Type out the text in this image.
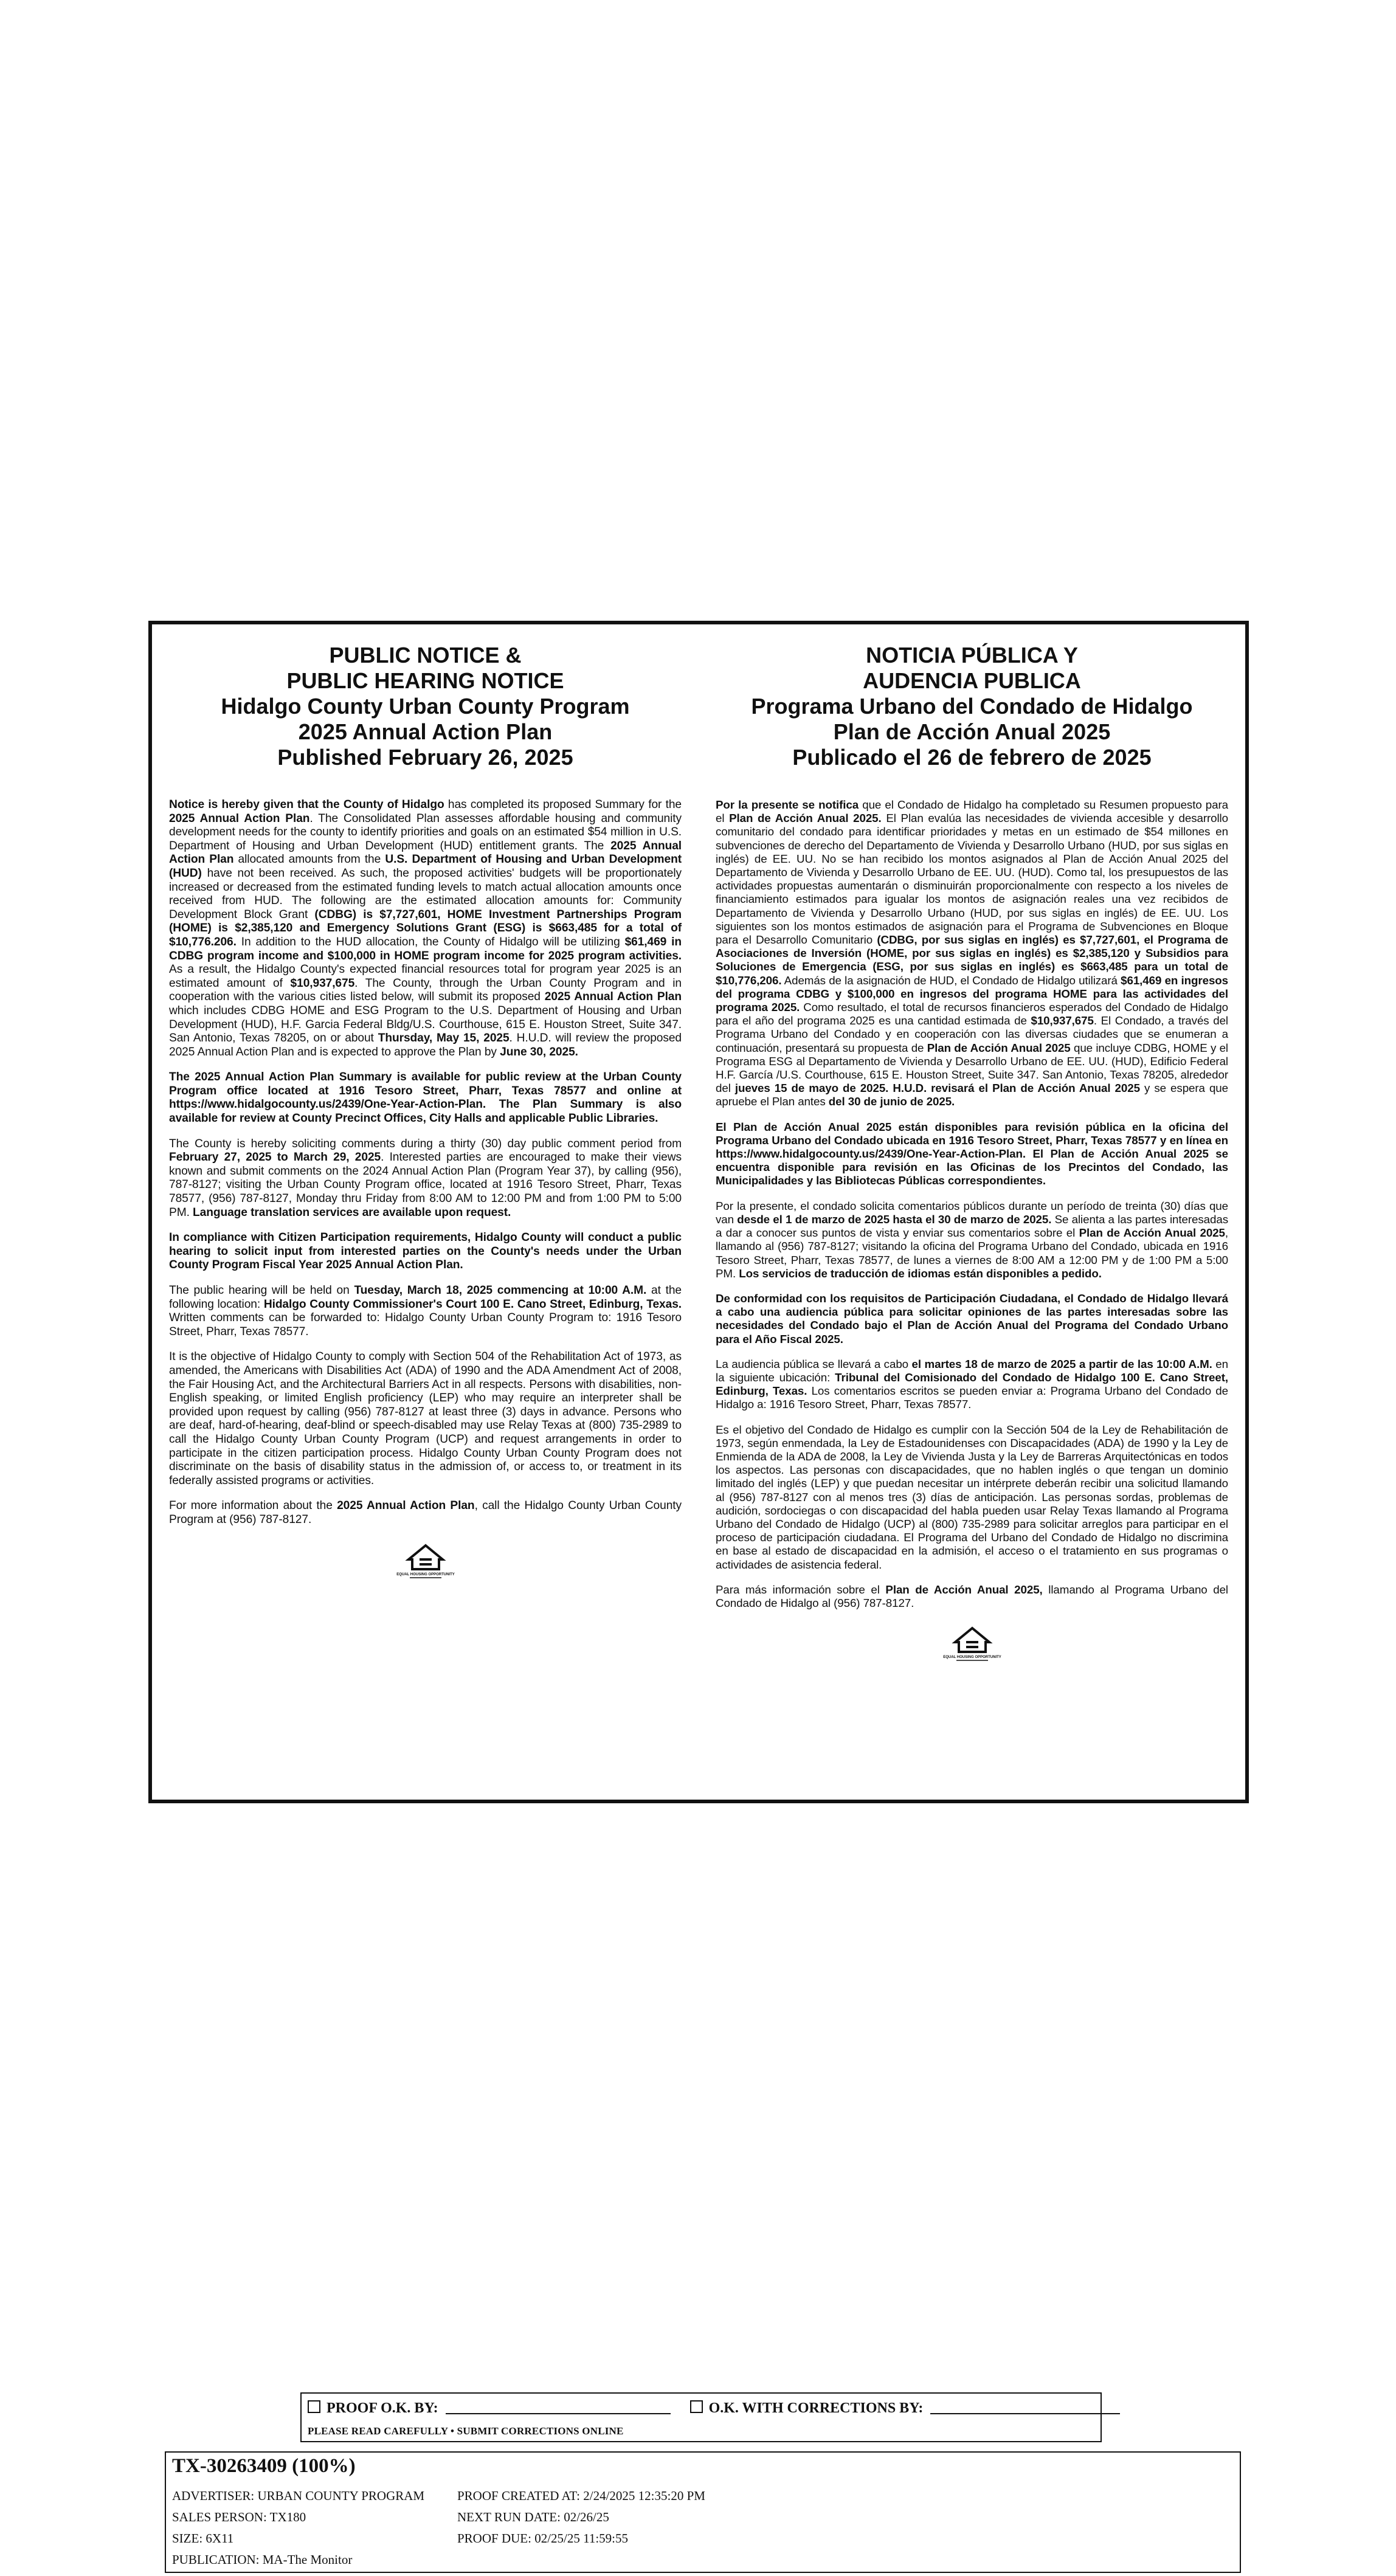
PUBLIC NOTICE &
PUBLIC HEARING NOTICE
Hidalgo County Urban County Program
2025 Annual Action Plan
Published February 26, 2025

Notice is hereby given that the County of Hidalgo has completed its proposed Summary for the 2025 Annual Action Plan. The Consolidated Plan assesses affordable housing and community development needs for the county to identify priorities and goals on an estimated $54 million in U.S. Department of Housing and Urban Development (HUD) entitlement grants. The 2025 Annual Action Plan allocated amounts from the U.S. Department of Housing and Urban Development (HUD) have not been received. As such, the proposed activities' budgets will be proportionately increased or decreased from the estimated funding levels to match actual allocation amounts once received from HUD. The following are the estimated allocation amounts for: Community Development Block Grant (CDBG) is $7,727,601, HOME Investment Partnerships Program (HOME) is $2,385,120 and Emergency Solutions Grant (ESG) is $663,485 for a total of $10,776.206. In addition to the HUD allocation, the County of Hidalgo will be utilizing $61,469 in CDBG program income and $100,000 in HOME program income for 2025 program activities. As a result, the Hidalgo County's expected financial resources total for program year 2025 is an estimated amount of $10,937,675. The County, through the Urban County Program and in cooperation with the various cities listed below, will submit its proposed 2025 Annual Action Plan which includes CDBG HOME and ESG Program to the U.S. Department of Housing and Urban Development (HUD), H.F. Garcia Federal Bldg/U.S. Courthouse, 615 E. Houston Street, Suite 347. San Antonio, Texas 78205, on or about Thursday, May 15, 2025. H.U.D. will review the proposed 2025 Annual Action Plan and is expected to approve the Plan by June 30, 2025.

The 2025 Annual Action Plan Summary is available for public review at the Urban County Program office located at 1916 Tesoro Street, Pharr, Texas 78577 and online at https://www.hidalgocounty.us/2439/One-Year-Action-Plan. The Plan Summary is also available for review at County Precinct Offices, City Halls and applicable Public Libraries.

The County is hereby soliciting comments during a thirty (30) day public comment period from February 27, 2025 to March 29, 2025. Interested parties are encouraged to make their views known and submit comments on the 2024 Annual Action Plan (Program Year 37), by calling (956), 787-8127; visiting the Urban County Program office, located at 1916 Tesoro Street, Pharr, Texas 78577, (956) 787-8127, Monday thru Friday from 8:00 AM to 12:00 PM and from 1:00 PM to 5:00 PM. Language translation services are available upon request.

In compliance with Citizen Participation requirements, Hidalgo County will conduct a public hearing to solicit input from interested parties on the County's needs under the Urban County Program Fiscal Year 2025 Annual Action Plan.

The public hearing will be held on Tuesday, March 18, 2025 commencing at 10:00 A.M. at the following location: Hidalgo County Commissioner's Court 100 E. Cano Street, Edinburg, Texas. Written comments can be forwarded to: Hidalgo County Urban County Program to: 1916 Tesoro Street, Pharr, Texas 78577.

It is the objective of Hidalgo County to comply with Section 504 of the Rehabilitation Act of 1973, as amended, the Americans with Disabilities Act (ADA) of 1990 and the ADA Amendment Act of 2008, the Fair Housing Act, and the Architectural Barriers Act in all respects. Persons with disabilities, non-English speaking, or limited English proficiency (LEP) who may require an interpreter shall be provided upon request by calling (956) 787-8127 at least three (3) days in advance. Persons who are deaf, hard-of-hearing, deaf-blind or speech-disabled may use Relay Texas at (800) 735-2989 to call the Hidalgo County Urban County Program (UCP) and request arrangements in order to participate in the citizen participation process. Hidalgo County Urban County Program does not discriminate on the basis of disability status in the admission of, or access to, or treatment in its federally assisted programs or activities.

For more information about the 2025 Annual Action Plan, call the Hidalgo County Urban County Program at (956) 787-8127.

EQUAL HOUSING OPPORTUNITY
NOTICIA PÚBLICA Y
AUDENCIA PUBLICA
Programa Urbano del Condado de Hidalgo
Plan de Acción Anual 2025
Publicado el 26 de febrero de 2025

Por la presente se notifica que el Condado de Hidalgo ha completado su Resumen propuesto para el Plan de Acción Anual 2025. El Plan evalúa las necesidades de vivienda accesible y desarrollo comunitario del condado para identificar prioridades y metas en un estimado de $54 millones en subvenciones de derecho del Departamento de Vivienda y Desarrollo Urbano (HUD, por sus siglas en inglés) de EE. UU. No se han recibido los montos asignados al Plan de Acción Anual 2025 del Departamento de Vivienda y Desarrollo Urbano de EE. UU. (HUD). Como tal, los presupuestos de las actividades propuestas aumentarán o disminuirán proporcionalmente con respecto a los niveles de financiamiento estimados para igualar los montos de asignación reales una vez recibidos de Departamento de Vivienda y Desarrollo Urbano (HUD, por sus siglas en inglés) de EE. UU. Los siguientes son los montos estimados de asignación para el Programa de Subvenciones en Bloque para el Desarrollo Comunitario (CDBG, por sus siglas en inglés) es $7,727,601, el Programa de Asociaciones de Inversión (HOME, por sus siglas en inglés) es $2,385,120 y Subsidios para Soluciones de Emergencia (ESG, por sus siglas en inglés) es $663,485 para un total de $10,776,206. Además de la asignación de HUD, el Condado de Hidalgo utilizará $61,469 en ingresos del programa CDBG y $100,000 en ingresos del programa HOME para las actividades del programa 2025. Como resultado, el total de recursos financieros esperados del Condado de Hidalgo para el año del programa 2025 es una cantidad estimada de $10,937,675. El Condado, a través del Programa Urbano del Condado y en cooperación con las diversas ciudades que se enumeran a continuación, presentará su propuesta de Plan de Acción Anual 2025 que incluye CDBG, HOME y el Programa ESG al Departamento de Vivienda y Desarrollo Urbano de EE. UU. (HUD), Edificio Federal H.F. García /U.S. Courthouse, 615 E. Houston Street, Suite 347. San Antonio, Texas 78205, alrededor del jueves 15 de mayo de 2025. H.U.D. revisará el Plan de Acción Anual 2025 y se espera que apruebe el Plan antes del 30 de junio de 2025.

El Plan de Acción Anual 2025 están disponibles para revisión pública en la oficina del Programa Urbano del Condado ubicada en 1916 Tesoro Street, Pharr, Texas 78577 y en línea en https://www.hidalgocounty.us/2439/One-Year-Action-Plan. El Plan de Acción Anual 2025 se encuentra disponible para revisión en las Oficinas de los Precintos del Condado, las Municipalidades y las Bibliotecas Públicas correspondientes.

Por la presente, el condado solicita comentarios públicos durante un período de treinta (30) días que van desde el 1 de marzo de 2025 hasta el 30 de marzo de 2025. Se alienta a las partes interesadas a dar a conocer sus puntos de vista y enviar sus comentarios sobre el Plan de Acción Anual 2025, llamando al (956) 787-8127; visitando la oficina del Programa Urbano del Condado, ubicada en 1916 Tesoro Street, Pharr, Texas 78577, de lunes a viernes de 8:00 AM a 12:00 PM y de 1:00 PM a 5:00 PM. Los servicios de traducción de idiomas están disponibles a pedido.

De conformidad con los requisitos de Participación Ciudadana, el Condado de Hidalgo llevará a cabo una audiencia pública para solicitar opiniones de las partes interesadas sobre las necesidades del Condado bajo el Plan de Acción Anual del Programa del Condado Urbano para el Año Fiscal 2025.

La audiencia pública se llevará a cabo el martes 18 de marzo de 2025 a partir de las 10:00 A.M. en la siguiente ubicación: Tribunal del Comisionado del Condado de Hidalgo 100 E. Cano Street, Edinburg, Texas. Los comentarios escritos se pueden enviar a: Programa Urbano del Condado de Hidalgo a: 1916 Tesoro Street, Pharr, Texas 78577.

Es el objetivo del Condado de Hidalgo es cumplir con la Sección 504 de la Ley de Rehabilitación de 1973, según enmendada, la Ley de Estadounidenses con Discapacidades (ADA) de 1990 y la Ley de Enmienda de la ADA de 2008, la Ley de Vivienda Justa y la Ley de Barreras Arquitectónicas en todos los aspectos. Las personas con discapacidades, que no hablen inglés o que tengan un dominio limitado del inglés (LEP) y que puedan necesitar un intérprete deberán recibir una solicitud llamando al (956) 787-8127 con al menos tres (3) días de anticipación. Las personas sordas, problemas de audición, sordociegas o con discapacidad del habla pueden usar Relay Texas llamando al Programa Urbano del Condado de Hidalgo (UCP) al (800) 735-2989 para solicitar arreglos para participar en el proceso de participación ciudadana. El Programa del Urbano del Condado de Hidalgo no discrimina en base al estado de discapacidad en la admisión, el acceso o el tratamiento en sus programas o actividades de asistencia federal.

Para más información sobre el Plan de Acción Anual 2025, llamando al Programa Urbano del Condado de Hidalgo al (956) 787-8127.

EQUAL HOUSING OPPORTUNITY
PROOF O.K. BY:	O.K. WITH CORRECTIONS BY:
PLEASE READ CAREFULLY • SUBMIT CORRECTIONS ONLINE
TX-30263409 (100%)
ADVERTISER: URBAN COUNTY PROGRAM
SALES PERSON: TX180
SIZE: 6X11
PUBLICATION: MA-The Monitor
PROOF CREATED AT: 2/24/2025 12:35:20 PM
NEXT RUN DATE: 02/26/25
PROOF DUE: 02/25/25 11:59:55
